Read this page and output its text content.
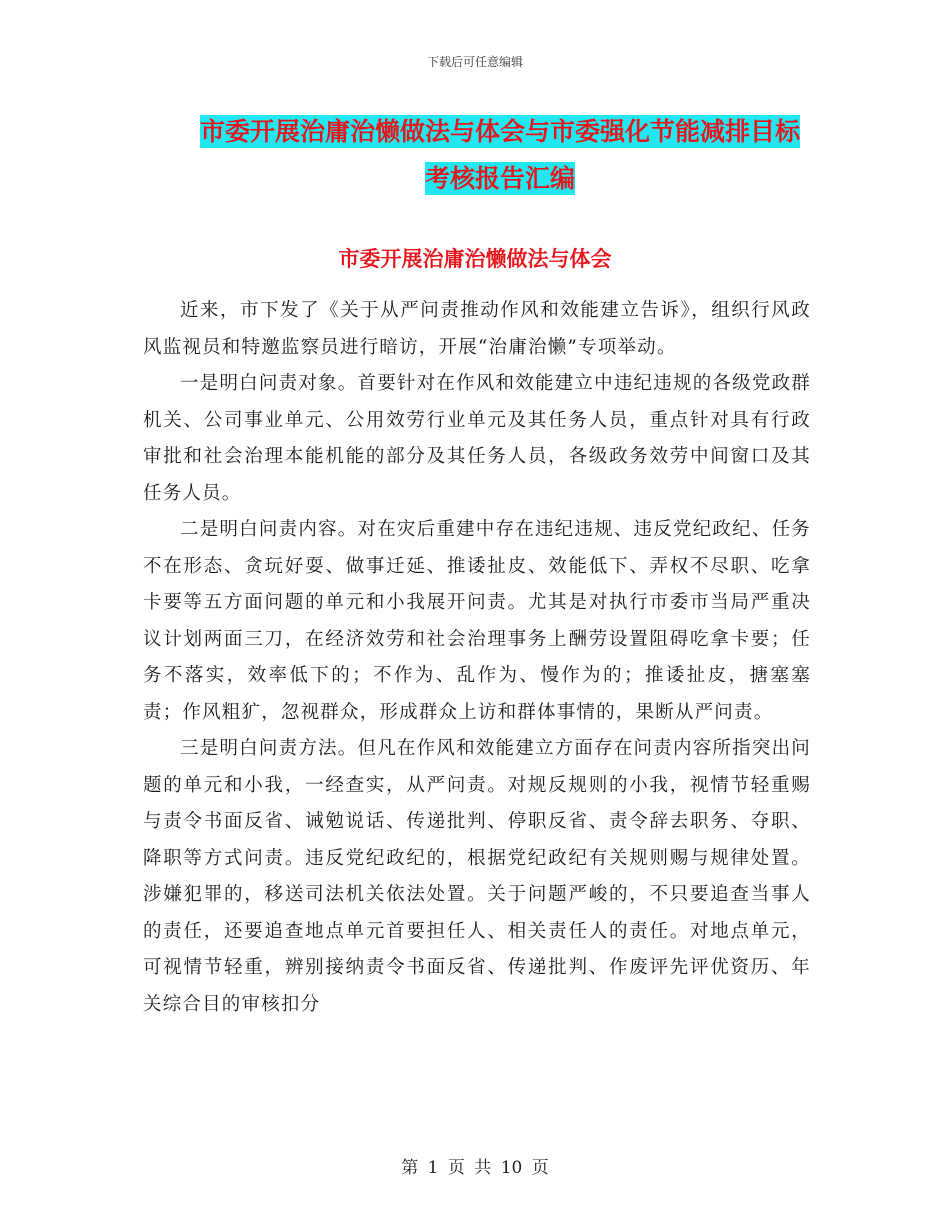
下载后可任意编辑
市委开展治庸治懒做法与体会与市委强化节能减排目标考核报告汇编
市委开展治庸治懒做法与体会

近来，市下发了《关于从严问责推动作风和效能建立告诉》，组织行风政风监视员和特邀监察员进行暗访，开展“治庸治懒”专项举动。

一是明白问责对象。首要针对在作风和效能建立中违纪违规的各级党政群机关、公司事业单元、公用效劳行业单元及其任务人员，重点针对具有行政审批和社会治理本能机能的部分及其任务人员，各级政务效劳中间窗口及其任务人员。

二是明白问责内容。对在灾后重建中存在违纪违规、违反党纪政纪、任务不在形态、贪玩好耍、做事迁延、推诿扯皮、效能低下、弄权不尽职、吃拿卡要等五方面问题的单元和小我展开问责。尤其是对执行市委市当局严重决议计划两面三刀，在经济效劳和社会治理事务上酬劳设置阻碍吃拿卡要；任务不落实，效率低下的；不作为、乱作为、慢作为的；推诿扯皮，搪塞塞责；作风粗犷，忽视群众，形成群众上访和群体事情的，果断从严问责。

三是明白问责方法。但凡在作风和效能建立方面存在问责内容所指突出问题的单元和小我，一经查实，从严问责。对规反规则的小我，视情节轻重赐与责令书面反省、诫勉说话、传递批判、停职反省、责令辞去职务、夺职、降职等方式问责。违反党纪政纪的，根据党纪政纪有关规则赐与规律处置。涉嫌犯罪的，移送司法机关依法处置。关于问题严峻的，不只要追查当事人的责任，还要追查地点单元首要担任人、相关责任人的责任。对地点单元，可视情节轻重，辨别接纳责令书面反省、传递批判、作废评先评优资历、年关综合目的审核扣分

第 1 页 共 10 页
